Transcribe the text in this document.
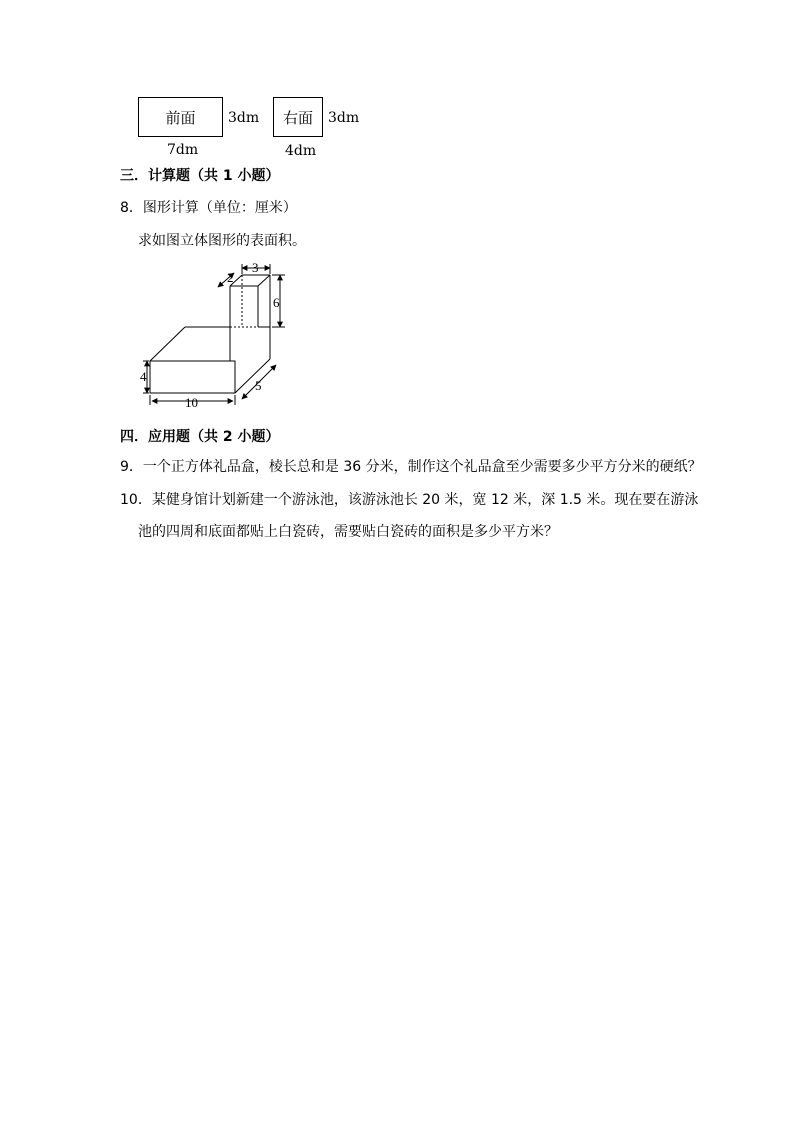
前面 3dm
7dm
右面 3dm
4dm
三．计算题（共 1 小题）
8．图形计算（单位：厘米）
求如图立体图形的表面积。
3
2
6
4
10
5
四．应用题（共 2 小题）
9．一个正方体礼品盒，棱长总和是 36 分米，制作这个礼品盒至少需要多少平方分米的硬纸？
10．某健身馆计划新建一个游泳池，该游泳池长 20 米，宽 12 米，深 1.5 米。现在要在游泳
池的四周和底面都贴上白瓷砖，需要贴白瓷砖的面积是多少平方米？
